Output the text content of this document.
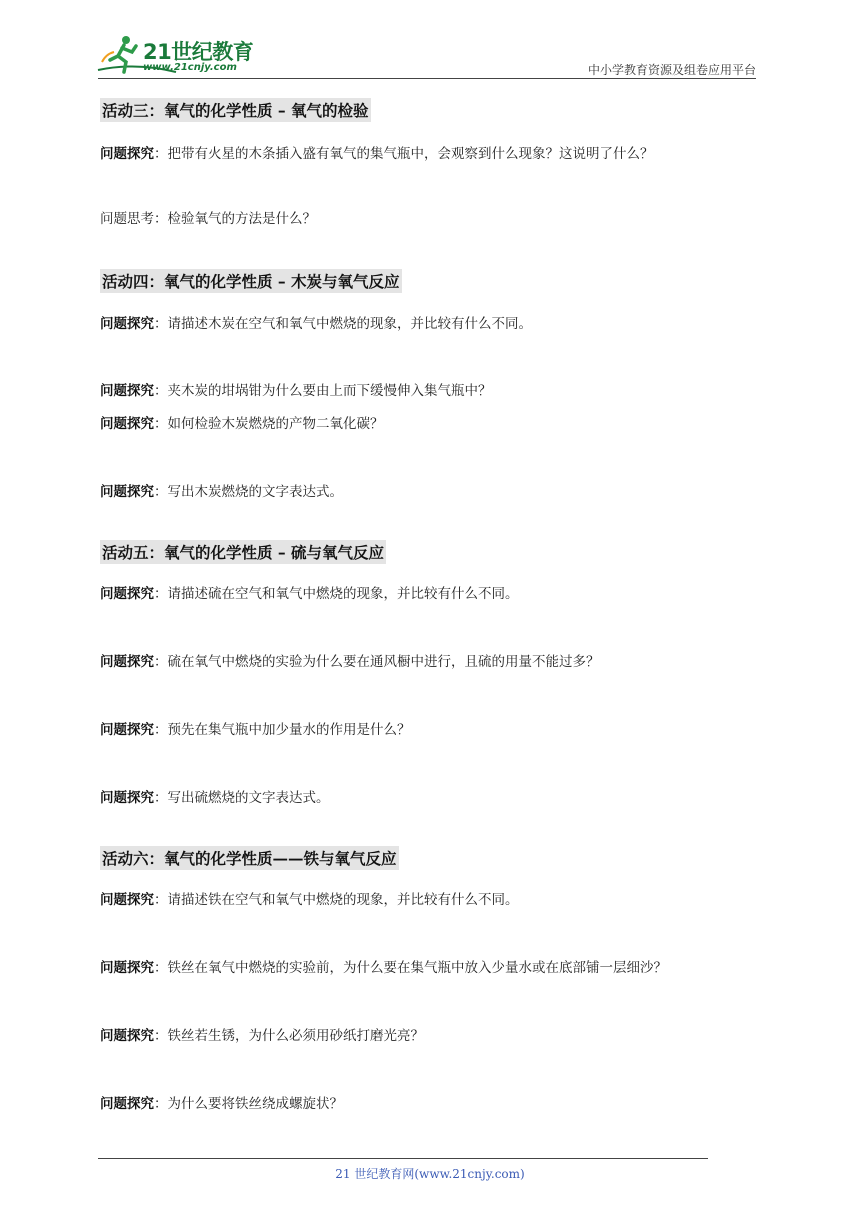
21世纪教育
www.21cnjy.com	中小学教育资源及组卷应用平台
活动三：氧气的化学性质 – 氧气的检验
问题探究：把带有火星的木条插入盛有氧气的集气瓶中，会观察到什么现象？这说明了什么？
问题思考：检验氧气的方法是什么？
活动四：氧气的化学性质 – 木炭与氧气反应
问题探究：请描述木炭在空气和氧气中燃烧的现象，并比较有什么不同。
问题探究：夹木炭的坩埚钳为什么要由上而下缓慢伸入集气瓶中？
问题探究：如何检验木炭燃烧的产物二氧化碳？
问题探究：写出木炭燃烧的文字表达式。
活动五：氧气的化学性质 – 硫与氧气反应
问题探究：请描述硫在空气和氧气中燃烧的现象，并比较有什么不同。
问题探究：硫在氧气中燃烧的实验为什么要在通风橱中进行，且硫的用量不能过多？
问题探究：预先在集气瓶中加少量水的作用是什么？
问题探究：写出硫燃烧的文字表达式。
活动六：氧气的化学性质——铁与氧气反应
问题探究：请描述铁在空气和氧气中燃烧的现象，并比较有什么不同。
问题探究：铁丝在氧气中燃烧的实验前，为什么要在集气瓶中放入少量水或在底部铺一层细沙？
问题探究：铁丝若生锈，为什么必须用砂纸打磨光亮？
问题探究：为什么要将铁丝绕成螺旋状？
21 世纪教育网(www.21cnjy.com)
